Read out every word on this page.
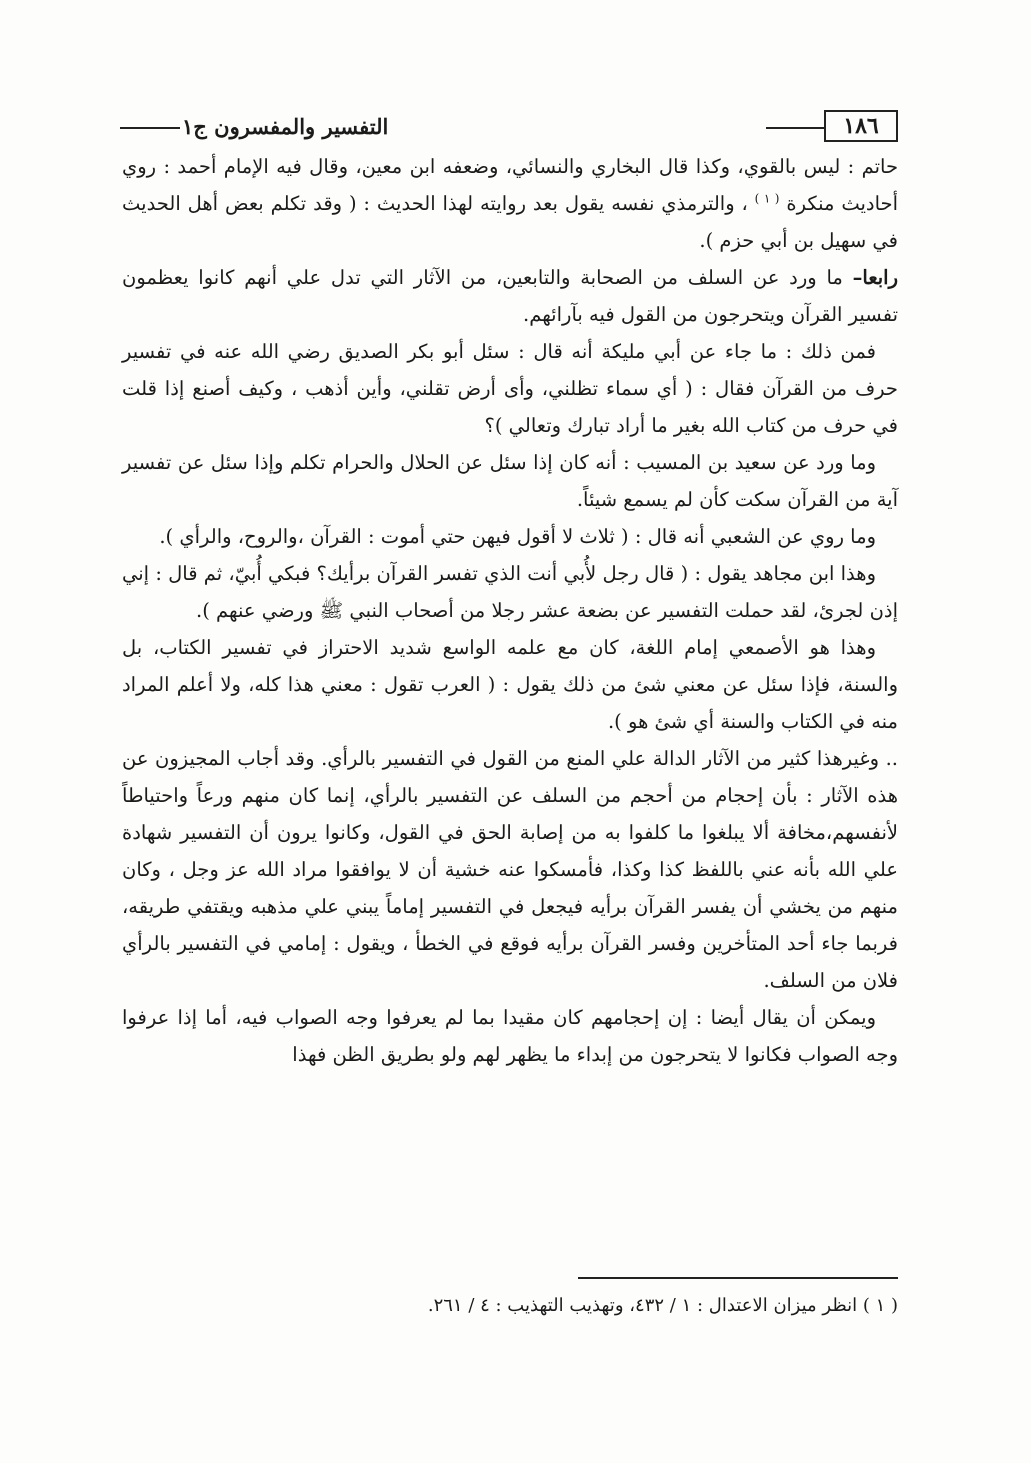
١٨٦
التفسير والمفسرون ج١

حاتم : ليس بالقوي، وكذا قال البخاري والنسائي، وضعفه ابن معين، وقال فيه الإمام أحمد : روي أحاديث منكرة $^{( ١ )}$ ، والترمذي نفسه يقول بعد روايته لهذا الحديث : ( وقد تكلم بعض أهل الحديث في سهيل بن أبي حزم ).

رابعا– ما ورد عن السلف من الصحابة والتابعين، من الآثار التي تدل علي أنهم كانوا يعظمون تفسير القرآن ويتحرجون من القول فيه بآرائهم.

فمن ذلك : ما جاء عن أبي مليكة أنه قال : سئل أبو بكر الصديق رضي الله عنه في تفسير حرف من القرآن فقال : ( أي سماء تظلني، وأى أرض تقلني، وأين أذهب ، وكيف أصنع إذا قلت في حرف من كتاب الله بغير ما أراد تبارك وتعالي )؟

وما ورد عن سعيد بن المسيب : أنه كان إذا سئل عن الحلال والحرام تكلم وإذا سئل عن تفسير آية من القرآن سكت كأن لم يسمع شيئاً.

وما روي عن الشعبي أنه قال : ( ثلاث لا أقول فيهن حتي أموت : القرآن ،والروح، والرأي ).

وهذا ابن مجاهد يقول : ( قال رجل لأُبي أنت الذي تفسر القرآن برأيك؟ فبكي أُبيّ، ثم قال : إني إذن لجرئ، لقد حملت التفسير عن بضعة عشر رجلا من أصحاب النبي ﷺ ورضي عنهم ).

وهذا هو الأصمعي إمام اللغة، كان مع علمه الواسع شديد الاحتراز في تفسير الكتاب، بل والسنة، فإذا سئل عن معني شئ من ذلك يقول : ( العرب تقول : معني هذا كله، ولا أعلم المراد منه في الكتاب والسنة أي شئ هو ).

.. وغيرهذا كثير من الآثار الدالة علي المنع من القول في التفسير بالرأي. وقد أجاب المجيزون عن هذه الآثار : بأن إحجام من أحجم من السلف عن التفسير بالرأي، إنما كان منهم ورعاً واحتياطاً لأنفسهم،مخافة ألا يبلغوا ما كلفوا به من إصابة الحق في القول، وكانوا يرون أن التفسير شهادة علي الله بأنه عني باللفظ كذا وكذا، فأمسكوا عنه خشية أن لا يوافقوا مراد الله عز وجل ، وكان منهم من يخشي أن يفسر القرآن برأيه فيجعل في التفسير إماماً يبني علي مذهبه ويقتفي طريقه، فربما جاء أحد المتأخرين وفسر القرآن برأيه فوقع في الخطأ ، ويقول : إمامي في التفسير بالرأي فلان من السلف.

ويمكن أن يقال أيضا : إن إحجامهم كان مقيدا بما لم يعرفوا وجه الصواب فيه، أما إذا عرفوا وجه الصواب فكانوا لا يتحرجون من إبداء ما يظهر لهم ولو بطريق الظن فهذا

( ١ ) انظر ميزان الاعتدال : ١ / ٤٣٢، وتهذيب التهذيب : ٤ / ٢٦١.
